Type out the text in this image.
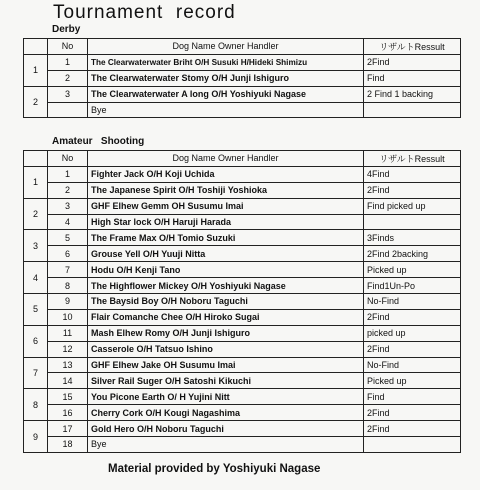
Tournament  record
Derby
	No	Dog Name Owner Handler	リザルトRessult
1	1	The Clearwaterwater Briht O/H Susuki H/Hideki Shimizu	2Find
	2	The Clearwaterwater Stomy O/H Junji Ishiguro	Find
2	3	The Clearwaterwater A long O/H Yoshiyuki Nagase	2 Find 1 backing
		Bye	
Amateur   Shooting
	No	Dog Name Owner Handler	リザルトRessult
1	1	Fighter Jack O/H Koji Uchida	4Find
	2	The Japanese Spirit O/H Toshiji Yoshioka	2Find
2	3	GHF Elhew Gemm OH Susumu Imai	Find picked up
	4	High Star lock O/H Haruji Harada	
3	5	The Frame Max O/H Tomio Suzuki	3Finds
	6	Grouse Yell O/H Yuuji Nitta	2Find 2backing
4	7	Hodu O/H Kenji Tano	Picked up
	8	The Highflower Mickey O/H Yoshiyuki Nagase	Find1Un-Po
5	9	The Baysid Boy O/H Noboru Taguchi	No-Find
	10	Flair Comanche Chee O/H Hiroko Sugai	2Find
6	11	Mash Elhew Romy O/H Junji Ishiguro	picked up
	12	Casserole O/H Tatsuo Ishino	2Find
7	13	GHF Elhew Jake OH Susumu Imai	No-Find
	14	Silver Rail Suger O/H Satoshi Kikuchi	Picked up
8	15	You Picone Earth O/ H Yujini Nitt	Find
	16	Cherry Cork O/H Kougi Nagashima	2Find
9	17	Gold Hero O/H Noboru Taguchi	2Find
	18	Bye	
Material provided by Yoshiyuki Nagase
